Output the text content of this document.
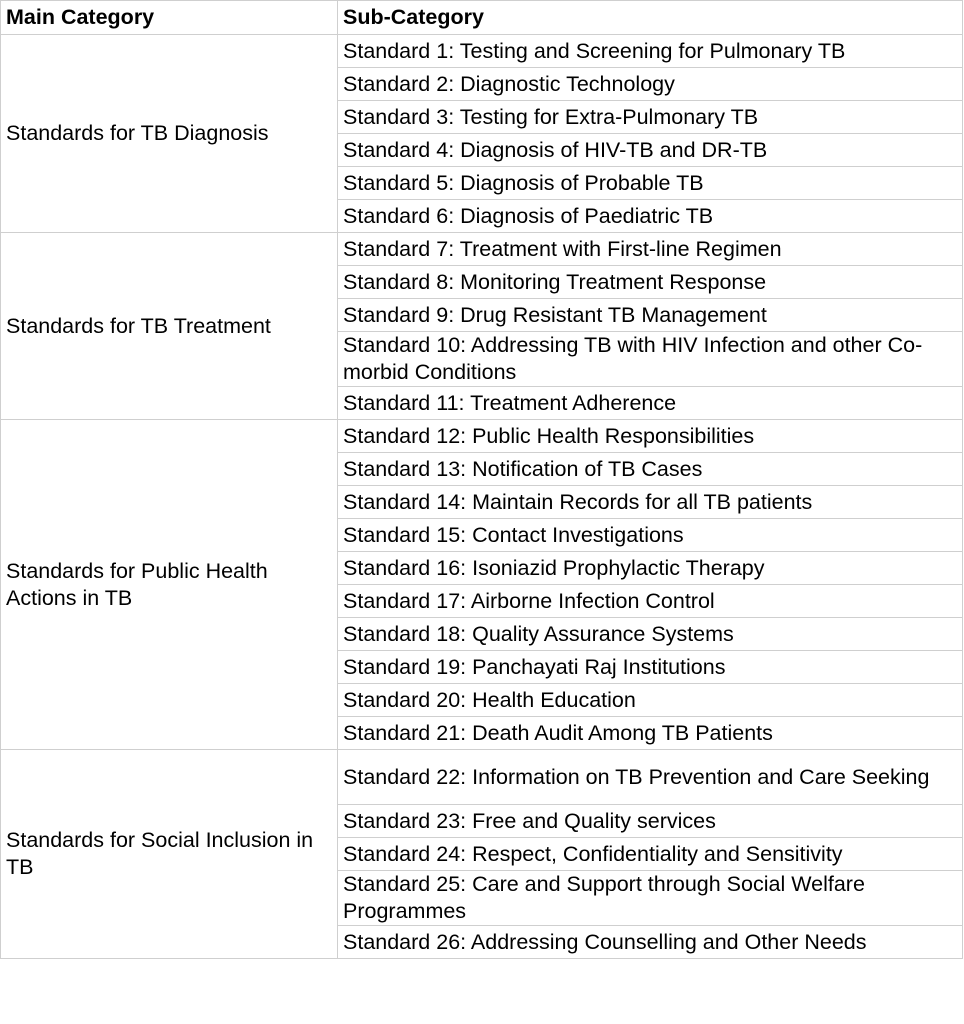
Main Category	Sub-Category
Standards for TB Diagnosis	Standard 1: Testing and Screening for Pulmonary TB
	Standard 2: Diagnostic Technology
	Standard 3: Testing for Extra-Pulmonary TB
	Standard 4: Diagnosis of HIV-TB and DR-TB
	Standard 5: Diagnosis of Probable TB
	Standard 6: Diagnosis of Paediatric TB
Standards for TB Treatment	Standard 7: Treatment with First-line Regimen
	Standard 8: Monitoring Treatment Response
	Standard 9: Drug Resistant TB Management
	Standard 10: Addressing TB with HIV Infection and other Co-morbid Conditions
	Standard 11: Treatment Adherence
Standards for Public Health Actions in TB	Standard 12: Public Health Responsibilities
	Standard 13: Notification of TB Cases
	Standard 14: Maintain Records for all TB patients
	Standard 15: Contact Investigations
	Standard 16: Isoniazid Prophylactic Therapy
	Standard 17: Airborne Infection Control
	Standard 18: Quality Assurance Systems
	Standard 19: Panchayati Raj Institutions
	Standard 20: Health Education
	Standard 21: Death Audit Among TB Patients
Standards for Social Inclusion in TB	Standard 22: Information on TB Prevention and Care Seeking
	Standard 23: Free and Quality services
	Standard 24: Respect, Confidentiality and Sensitivity
	Standard 25: Care and Support through Social Welfare Programmes
	Standard 26: Addressing Counselling and Other Needs
